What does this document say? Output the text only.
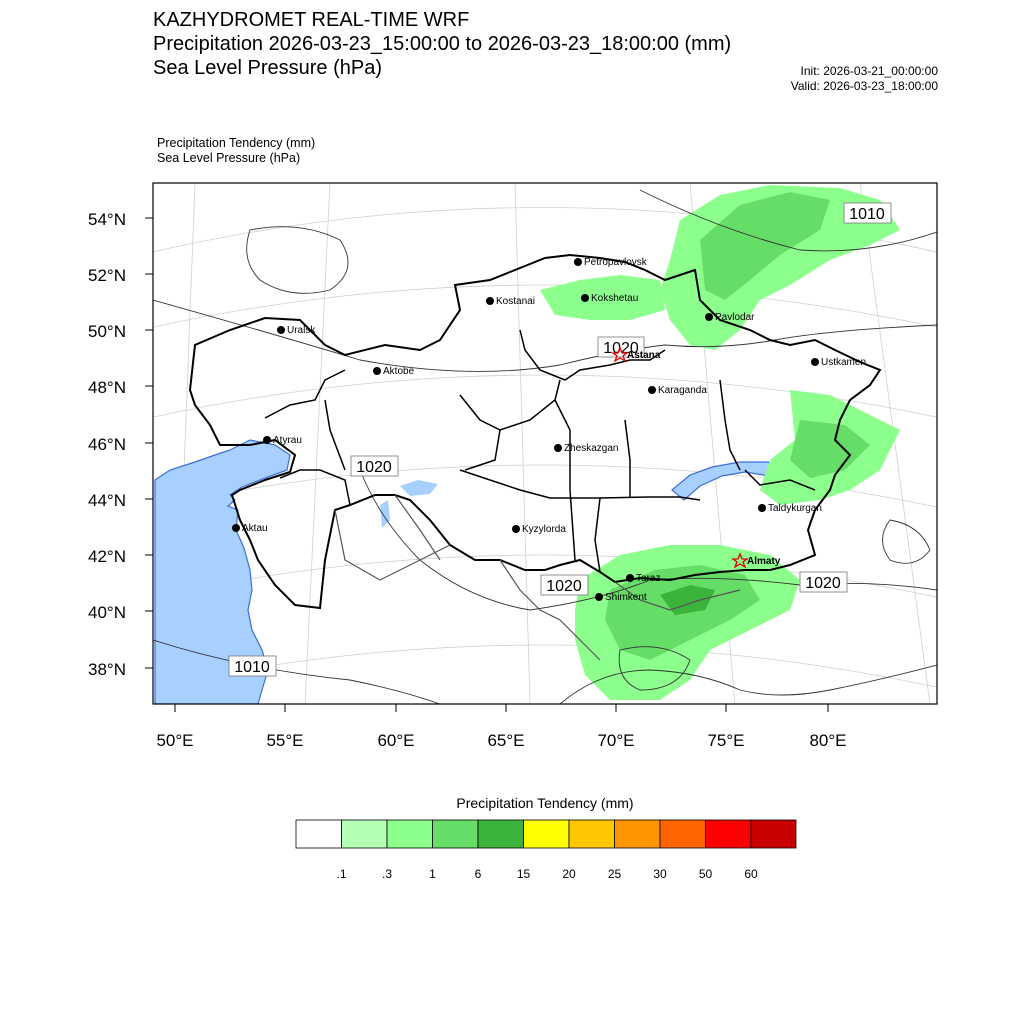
KAZHYDROMET REAL-TIME WRF
Precipitation 2026-03-23_15:00:00 to 2026-03-23_18:00:00 (mm)
Sea Level Pressure (hPa)	Init: 2026-03-21_00:00:00
Valid: 2026-03-23_18:00:00
Precipitation Tendency (mm)
Sea Level Pressure (hPa)
54°N
52°N
50°N
48°N
46°N
44°N
42°N
40°N
38°N
50°E	55°E	60°E	65°E	70°E	75°E	80°E
1010
1020
1020
1020	1020
1010
Petropavlovsk
Kostanai	Kokshetau
Pavlodar
Uralsk
Aktobe
Astana
Ustkamen
Karaganda
Atyrau
Zheskazgan
Aktau	Kyzylorda
Taldykurgan
Almaty
Taraz
Shimkent
.1	.3	1	6	15	20	25	30	50	60
Precipitation Tendency (mm)
